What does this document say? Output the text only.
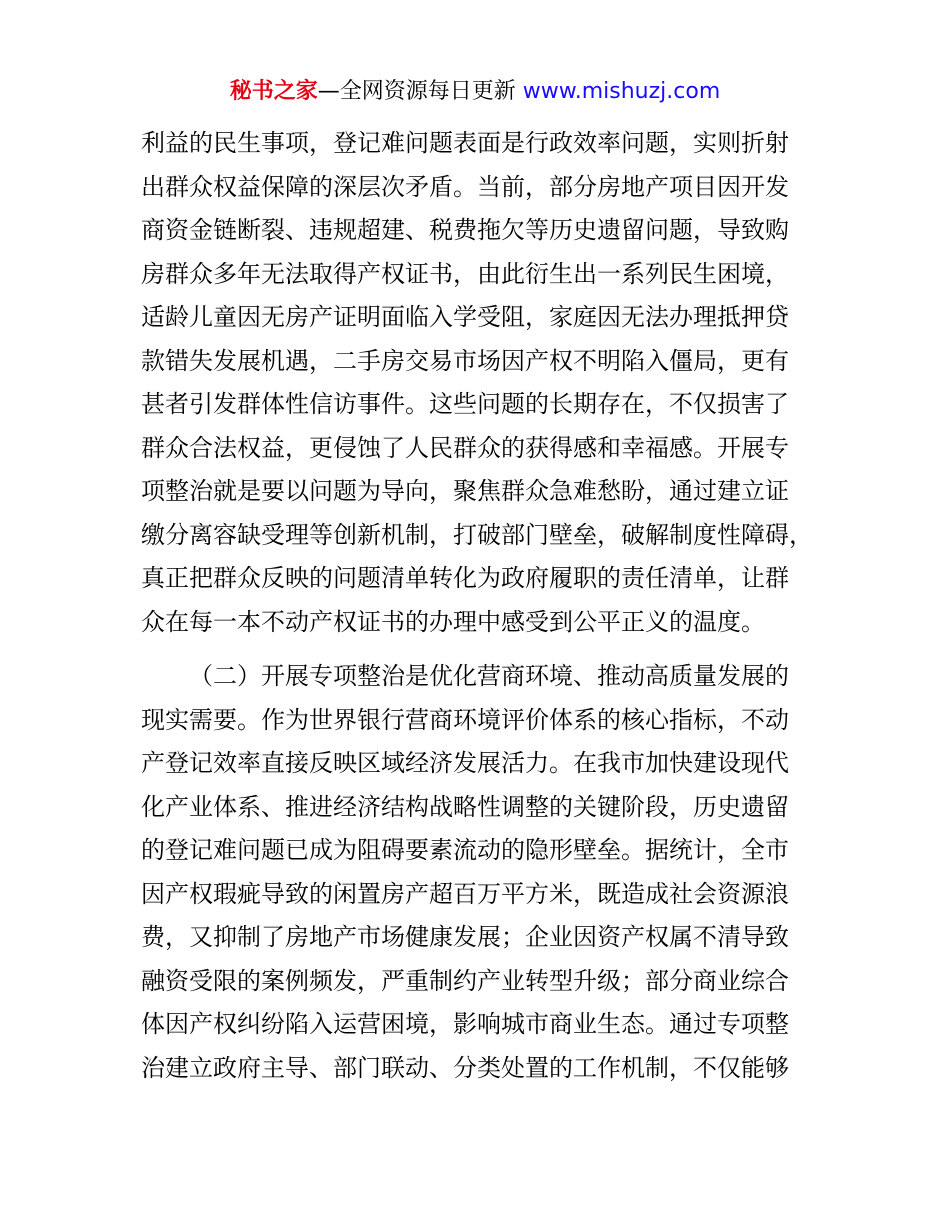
秘书之家—全网资源每日更新 www.mishuzj.com
利益的民生事项，登记难问题表面是行政效率问题，实则折射
出群众权益保障的深层次矛盾。当前，部分房地产项目因开发
商资金链断裂、违规超建、税费拖欠等历史遗留问题，导致购
房群众多年无法取得产权证书，由此衍生出一系列民生困境，
适龄儿童因无房产证明面临入学受阻，家庭因无法办理抵押贷
款错失发展机遇，二手房交易市场因产权不明陷入僵局，更有
甚者引发群体性信访事件。这些问题的长期存在，不仅损害了
群众合法权益，更侵蚀了人民群众的获得感和幸福感。开展专
项整治就是要以问题为导向，聚焦群众急难愁盼，通过建立证
缴分离容缺受理等创新机制，打破部门壁垒，破解制度性障碍，
真正把群众反映的问题清单转化为政府履职的责任清单，让群
众在每一本不动产权证书的办理中感受到公平正义的温度。
（二）开展专项整治是优化营商环境、推动高质量发展的
现实需要。作为世界银行营商环境评价体系的核心指标，不动
产登记效率直接反映区域经济发展活力。在我市加快建设现代
化产业体系、推进经济结构战略性调整的关键阶段，历史遗留
的登记难问题已成为阻碍要素流动的隐形壁垒。据统计，全市
因产权瑕疵导致的闲置房产超百万平方米，既造成社会资源浪
费，又抑制了房地产市场健康发展；企业因资产权属不清导致
融资受限的案例频发，严重制约产业转型升级；部分商业综合
体因产权纠纷陷入运营困境，影响城市商业生态。通过专项整
治建立政府主导、部门联动、分类处置的工作机制，不仅能够
